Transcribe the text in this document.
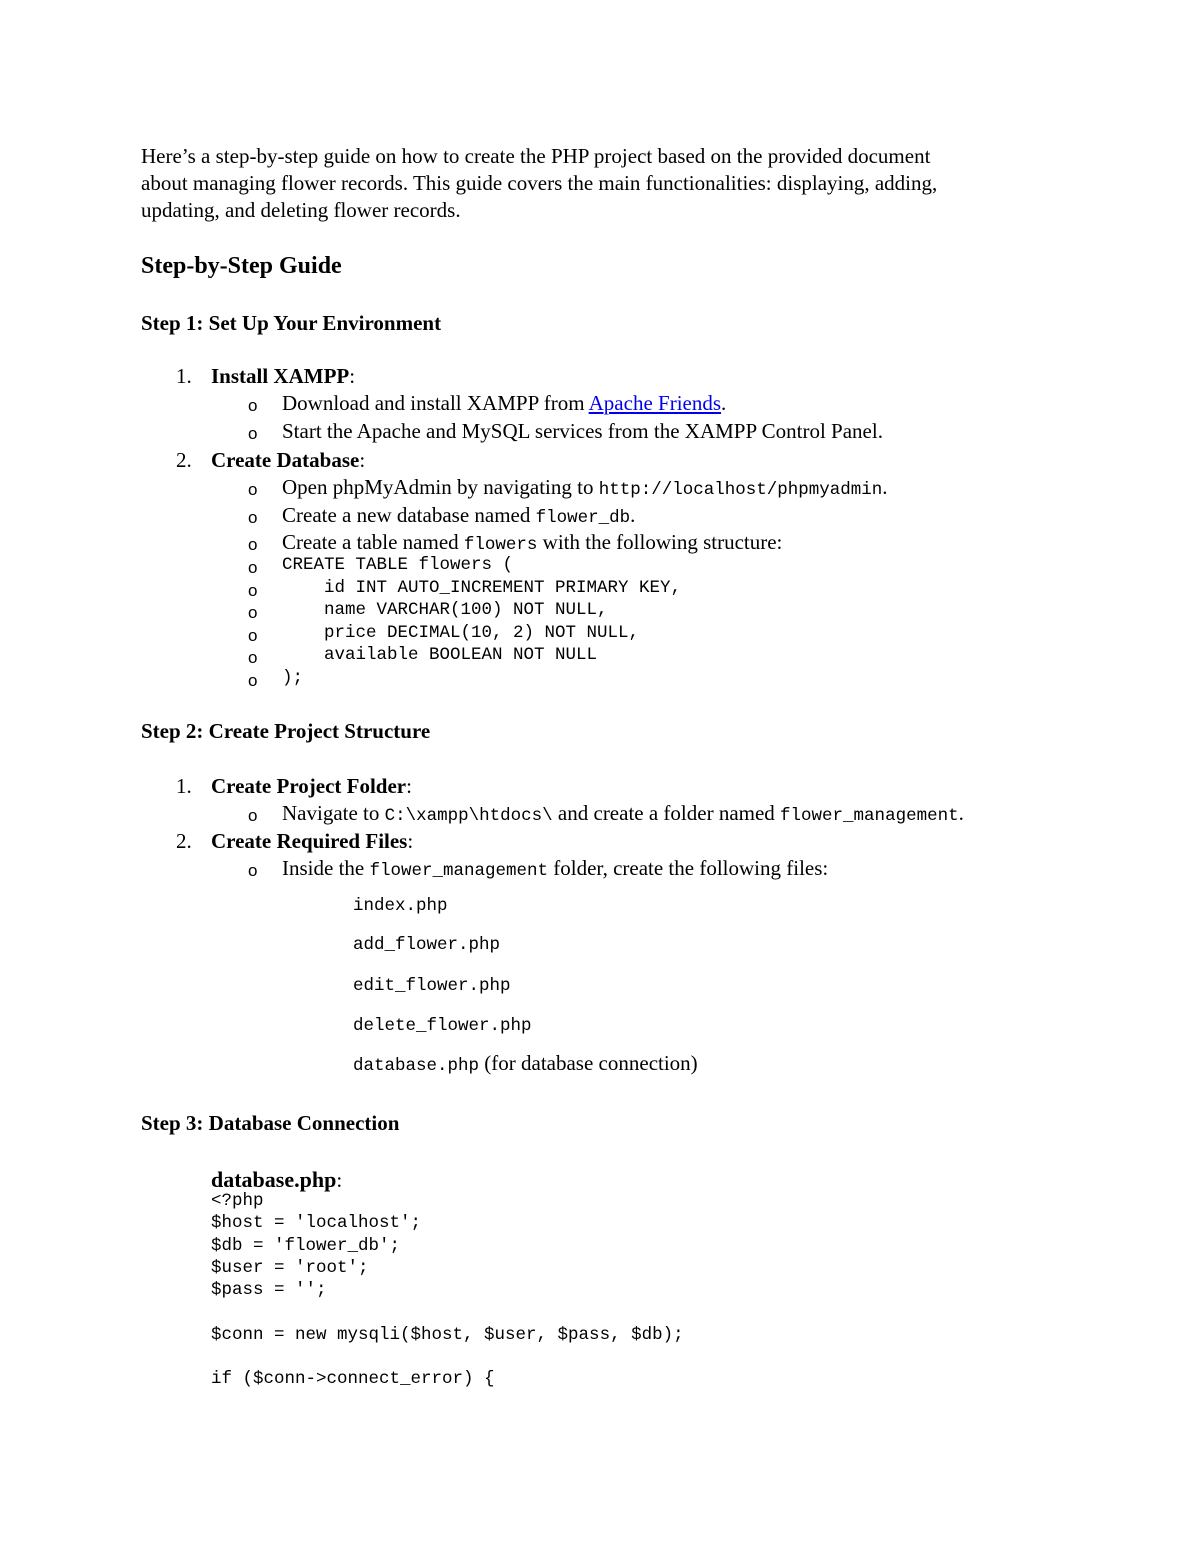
Here’s a step-by-step guide on how to create the PHP project based on the provided document
about managing flower records. This guide covers the main functionalities: displaying, adding,
updating, and deleting flower records.
Step-by-Step Guide
Step 1: Set Up Your Environment
1. Install XAMPP:
o Download and install XAMPP from Apache Friends.
o Start the Apache and MySQL services from the XAMPP Control Panel.
2. Create Database:
o Open phpMyAdmin by navigating to http://localhost/phpmyadmin.
o Create a new database named flower_db.
o Create a table named flowers with the following structure:
o CREATE TABLE flowers (
o id INT AUTO_INCREMENT PRIMARY KEY,
o name VARCHAR(100) NOT NULL,
o price DECIMAL(10, 2) NOT NULL,
o available BOOLEAN NOT NULL
o );
Step 2: Create Project Structure
1. Create Project Folder:
o Navigate to C:\xampp\htdocs\ and create a folder named flower_management.
2. Create Required Files:
o Inside the flower_management folder, create the following files:
index.php
add_flower.php
edit_flower.php
delete_flower.php
database.php (for database connection)
Step 3: Database Connection
database.php:
<?php
$host = 'localhost';
$db = 'flower_db';
$user = 'root';
$pass = '';
$conn = new mysqli($host, $user, $pass, $db);
if ($conn->connect_error) {
